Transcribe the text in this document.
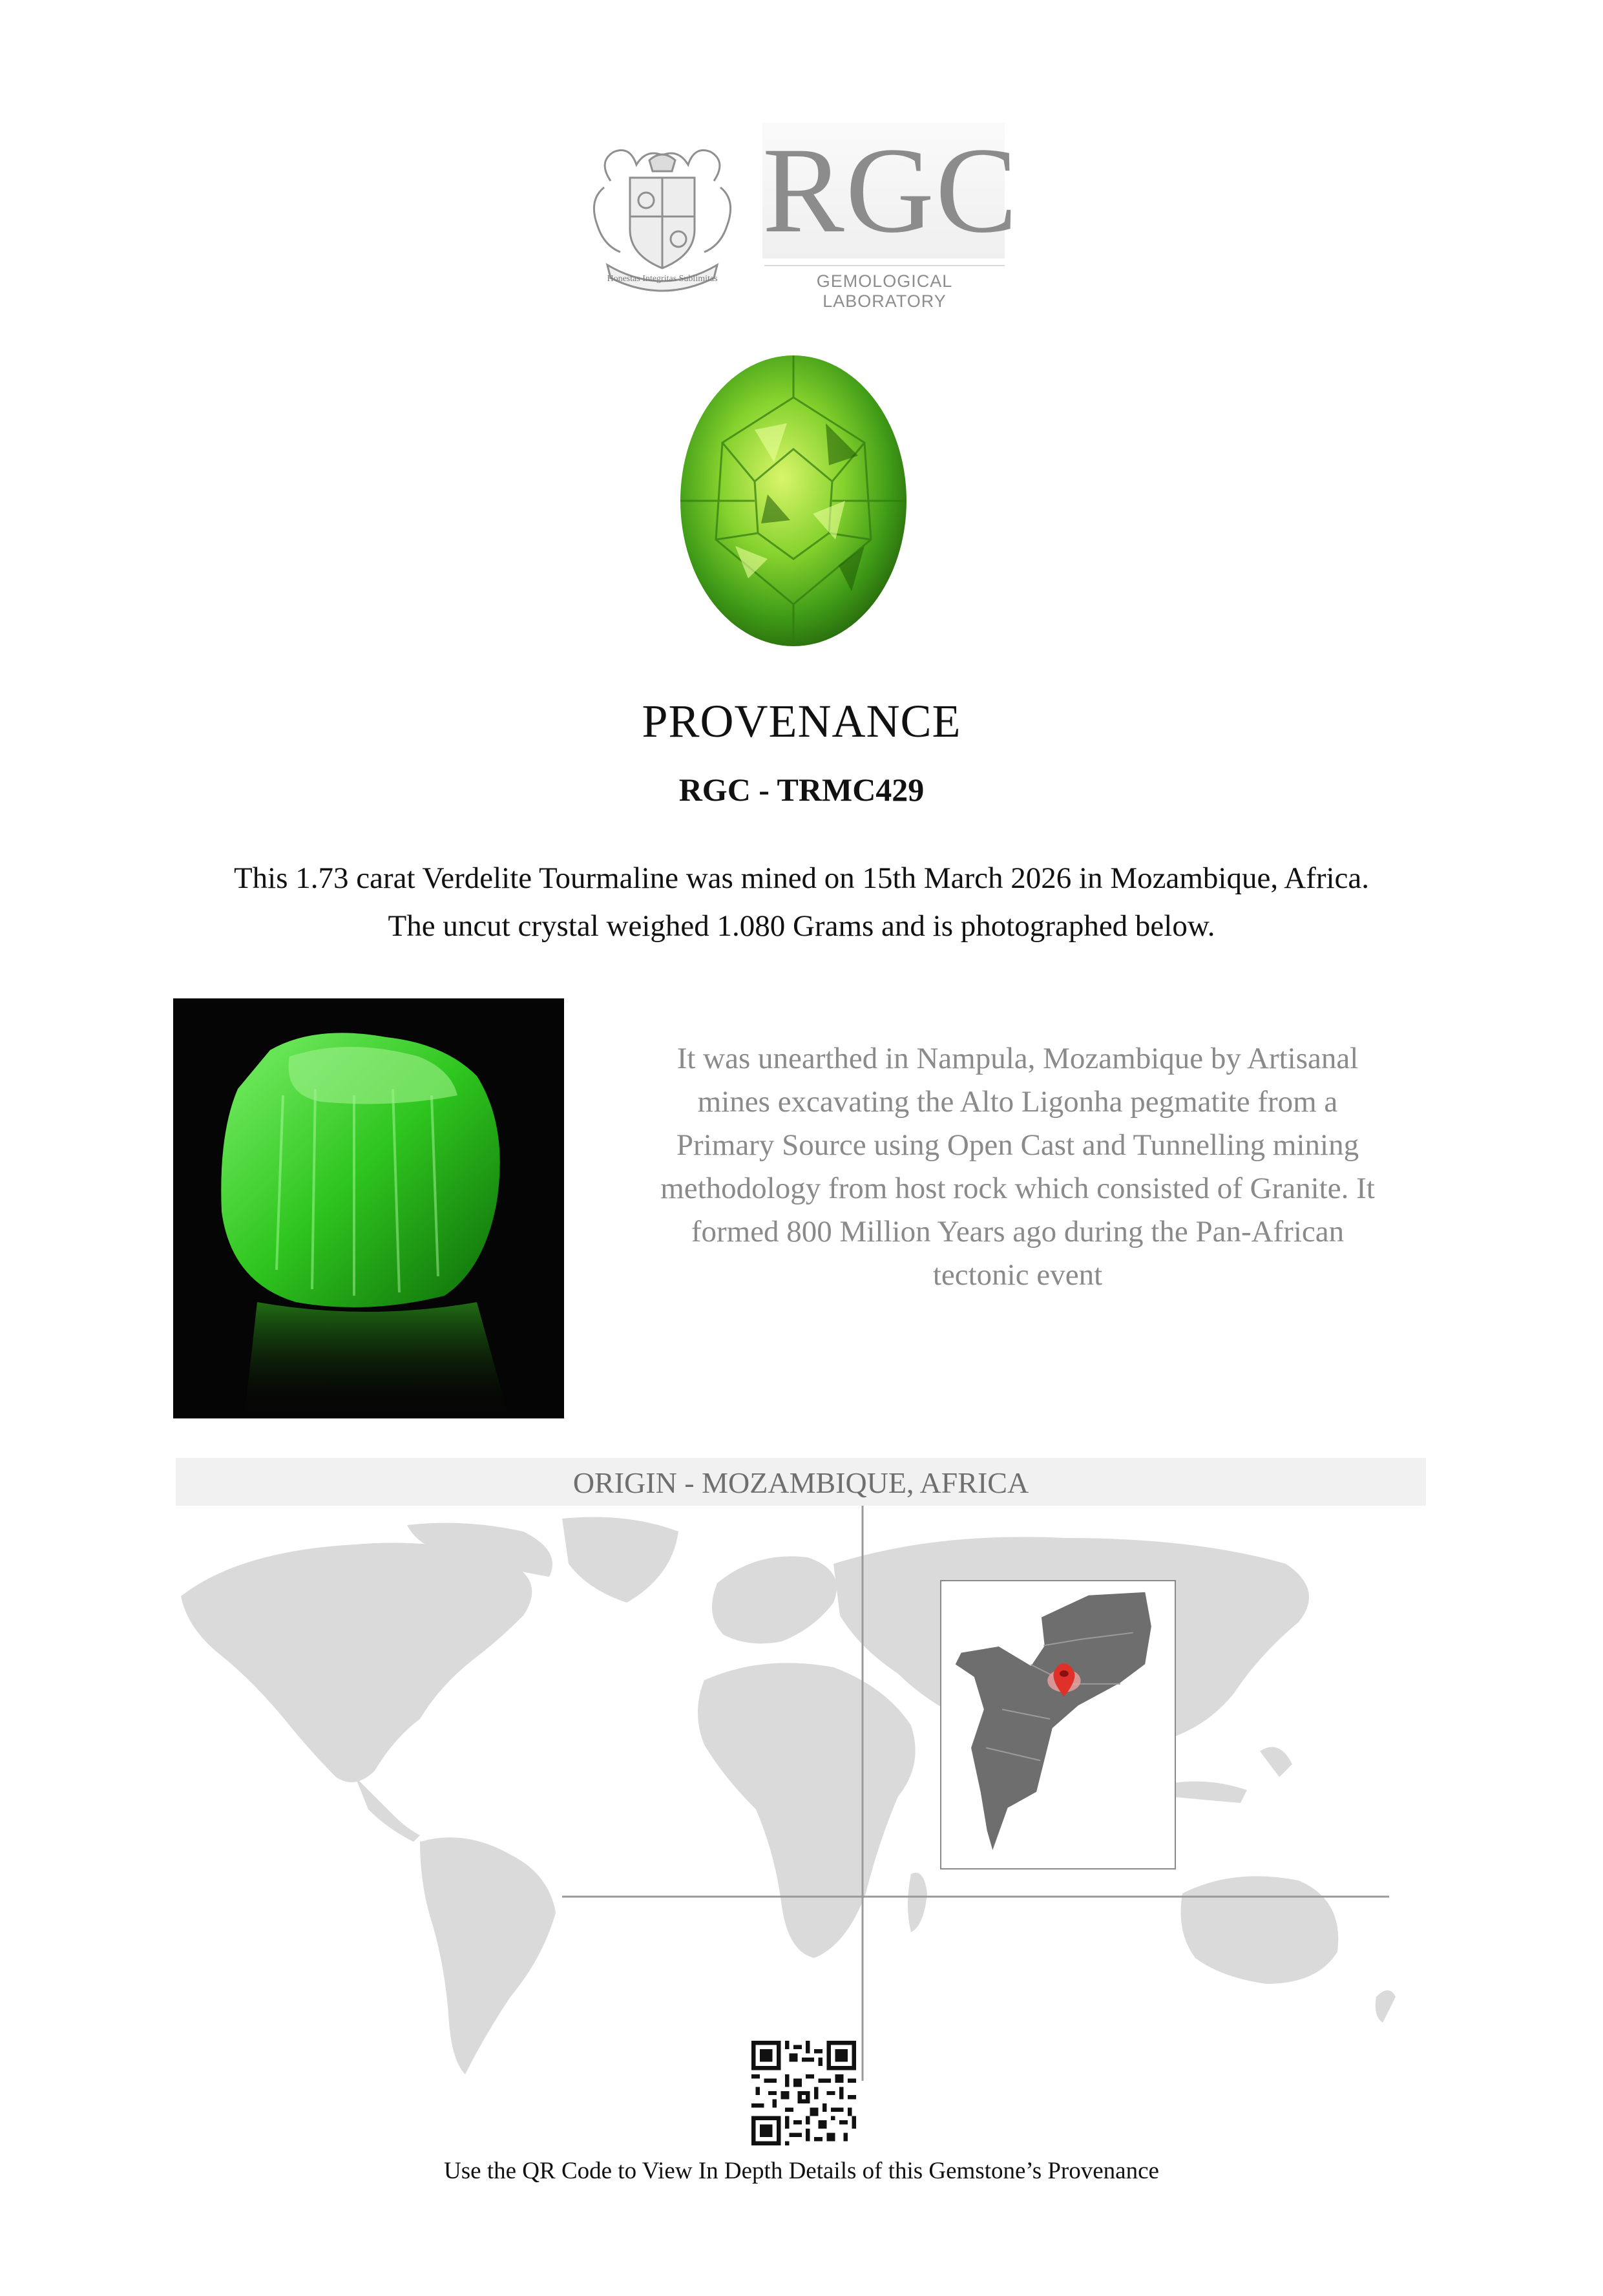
Honestas Integritas Sublimitas
RGC
GEMOLOGICAL LABORATORY
PROVENANCE
RGC - TRMC429
This 1.73 carat Verdelite Tourmaline was mined on 15th March 2026 in Mozambique, Africa.
The uncut crystal weighed 1.080 Grams and is photographed below.
It was unearthed in Nampula, Mozambique by Artisanal mines excavating the Alto Ligonha pegmatite from a Primary Source using Open Cast and Tunnelling mining methodology from host rock which consisted of Granite. It formed 800 Million Years ago during the Pan-African tectonic event
ORIGIN - MOZAMBIQUE, AFRICA
Use the QR Code to View In Depth Details of this Gemstone’s Provenance
